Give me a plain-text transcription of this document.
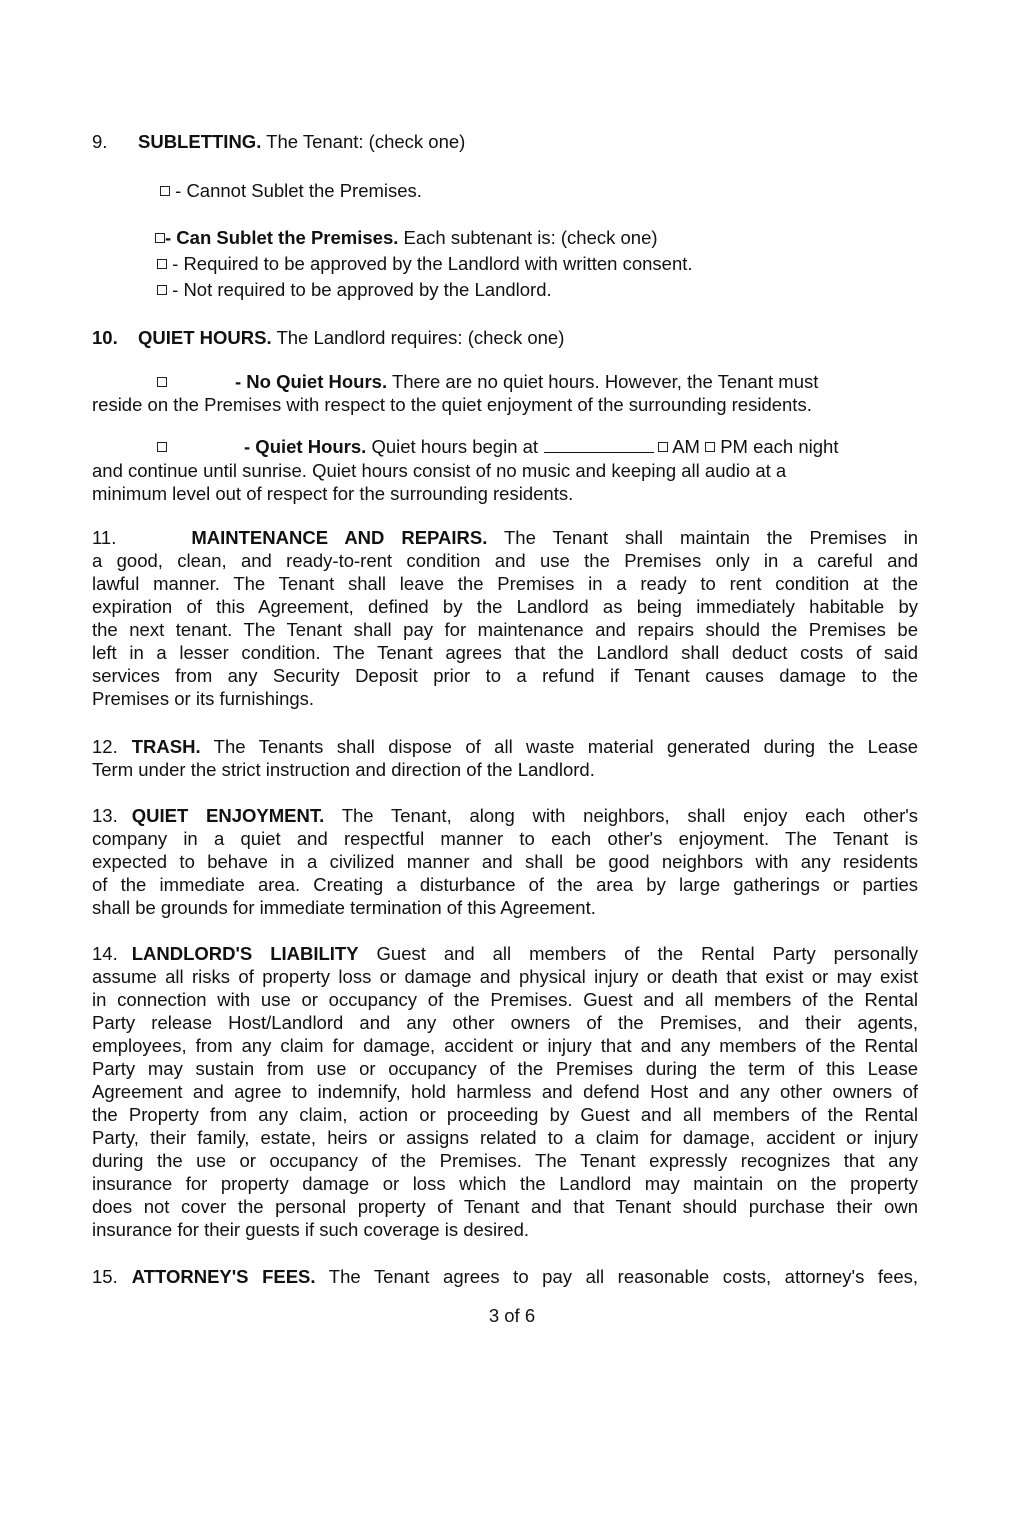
9. SUBLETTING. The Tenant: (check one)
- Cannot Sublet the Premises.
- Can Sublet the Premises. Each subtenant is: (check one)
- Required to be approved by the Landlord with written consent.
- Not required to be approved by the Landlord.
10. QUIET HOURS. The Landlord requires: (check one)
- No Quiet Hours. There are no quiet hours. However, the Tenant must
reside on the Premises with respect to the quiet enjoyment of the surrounding residents.
- Quiet Hours. Quiet hours begin at	AM PM each night
and continue until sunrise. Quiet hours consist of no music and keeping all audio at a
minimum level out of respect for the surrounding residents.
11.	MAINTENANCE AND REPAIRS. The Tenant shall maintain the Premises in
a good, clean, and ready-to-rent condition and use the Premises only in a careful and
lawful manner. The Tenant shall leave the Premises in a ready to rent condition at the
expiration of this Agreement, defined by the Landlord as being immediately habitable by
the next tenant. The Tenant shall pay for maintenance and repairs should the Premises be
left in a lesser condition. The Tenant agrees that the Landlord shall deduct costs of said
services from any Security Deposit prior to a refund if Tenant causes damage to the
Premises or its furnishings.
12. TRASH. The Tenants shall dispose of all waste material generated during the Lease
Term under the strict instruction and direction of the Landlord.
13. QUIET ENJOYMENT. The Tenant, along with neighbors, shall enjoy each other's
company in a quiet and respectful manner to each other's enjoyment. The Tenant is
expected to behave in a civilized manner and shall be good neighbors with any residents
of the immediate area. Creating a disturbance of the area by large gatherings or parties
shall be grounds for immediate termination of this Agreement.
14. LANDLORD'S LIABILITY Guest and all members of the Rental Party personally
assume all risks of property loss or damage and physical injury or death that exist or may exist
in connection with use or occupancy of the Premises. Guest and all members of the Rental
Party release Host/Landlord and any other owners of the Premises, and their agents,
employees, from any claim for damage, accident or injury that and any members of the Rental
Party may sustain from use or occupancy of the Premises during the term of this Lease
Agreement and agree to indemnify, hold harmless and defend Host and any other owners of
the Property from any claim, action or proceeding by Guest and all members of the Rental
Party, their family, estate, heirs or assigns related to a claim for damage, accident or injury
during the use or occupancy of the Premises. The Tenant expressly recognizes that any
insurance for property damage or loss which the Landlord may maintain on the property
does not cover the personal property of Tenant and that Tenant should purchase their own
insurance for their guests if such coverage is desired.
15. ATTORNEY'S FEES. The Tenant agrees to pay all reasonable costs, attorney's fees,
3 of 6
